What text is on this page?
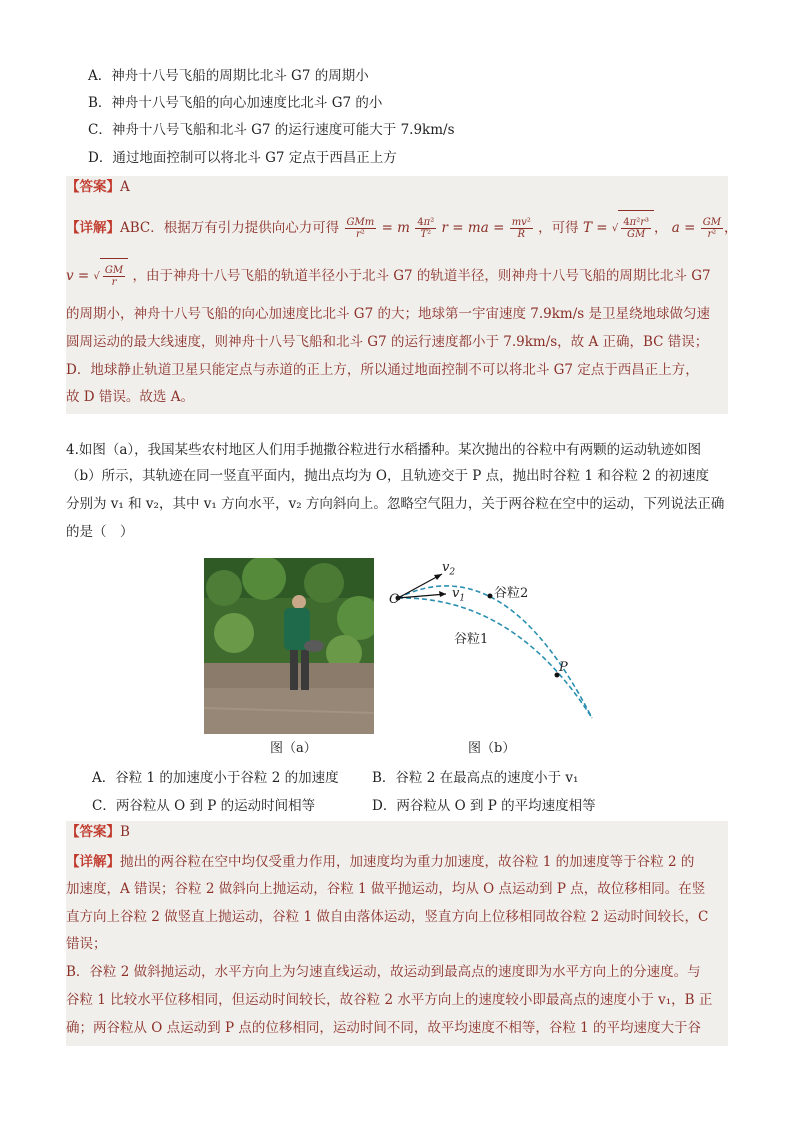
A．神舟十八号飞船的周期比北斗 G7 的周期小
B．神舟十八号飞船的向心加速度比北斗 G7 的小
C．神舟十八号飞船和北斗 G7 的运行速度可能大于 7.9km/s
D．通过地面控制可以将北斗 G7 定点于西昌正上方
【答案】A
【详解】ABC．根据万有引力提供向心力可得 $\frac{\text{GMm}}{\text{r²}} = m \frac{\text{4π²}}{\text{T²}}$ r = ma = $\frac{\text{mv²}}{R}$ ，可得 T = √ $\frac{\text{4π²r³}}{GM}$ ， $a = \frac{GM}{\text{r²}}$ ，
v = √ $\frac{GM}{r}$ ，由于神舟十八号飞船的轨道半径小于北斗 G7 的轨道半径，则神舟十八号飞船的周期比北斗 G7
的周期小，神舟十八号飞船的向心加速度比北斗 G7 的大；地球第一宇宙速度 7.9km/s 是卫星绕地球做匀速
圆周运动的最大线速度，则神舟十八号飞船和北斗 G7 的运行速度都小于 7.9km/s，故 A 正确，BC 错误；
D．地球静止轨道卫星只能定点与赤道的正上方，所以通过地面控制不可以将北斗 G7 定点于西昌正上方，
故 D 错误。故选 A。
4.如图（a），我国某些农村地区人们用手抛撒谷粒进行水稻播种。某次抛出的谷粒中有两颗的运动轨迹如图
（b）所示，其轨迹在同一竖直平面内，抛出点均为 O，且轨迹交于 P 点，抛出时谷粒 1 和谷粒 2 的初速度
分别为 v₁ 和 v₂，其中 v₁ 方向水平，v₂ 方向斜向上。忽略空气阻力，关于两谷粒在空中的运动，下列说法正确
的是（　）
图（a）
O
$v_2$
$v_1$ 谷粒2
谷粒1
P
图（b）
A．谷粒 1 的加速度小于谷粒 2 的加速度 B．谷粒 2 在最高点的速度小于 v₁
C．两谷粒从 O 到 P 的运动时间相等	D．两谷粒从 O 到 P 的平均速度相等
【答案】B
【详解】抛出的两谷粒在空中均仅受重力作用，加速度均为重力加速度，故谷粒 1 的加速度等于谷粒 2 的
加速度，A 错误；谷粒 2 做斜向上抛运动，谷粒 1 做平抛运动，均从 O 点运动到 P 点，故位移相同。在竖
直方向上谷粒 2 做竖直上抛运动，谷粒 1 做自由落体运动，竖直方向上位移相同故谷粒 2 运动时间较长，C
错误；
B．谷粒 2 做斜抛运动，水平方向上为匀速直线运动，故运动到最高点的速度即为水平方向上的分速度。与
谷粒 1 比较水平位移相同，但运动时间较长，故谷粒 2 水平方向上的速度较小即最高点的速度小于 v₁，B 正
确；两谷粒从 O 点运动到 P 点的位移相同，运动时间不同，故平均速度不相等，谷粒 1 的平均速度大于谷
